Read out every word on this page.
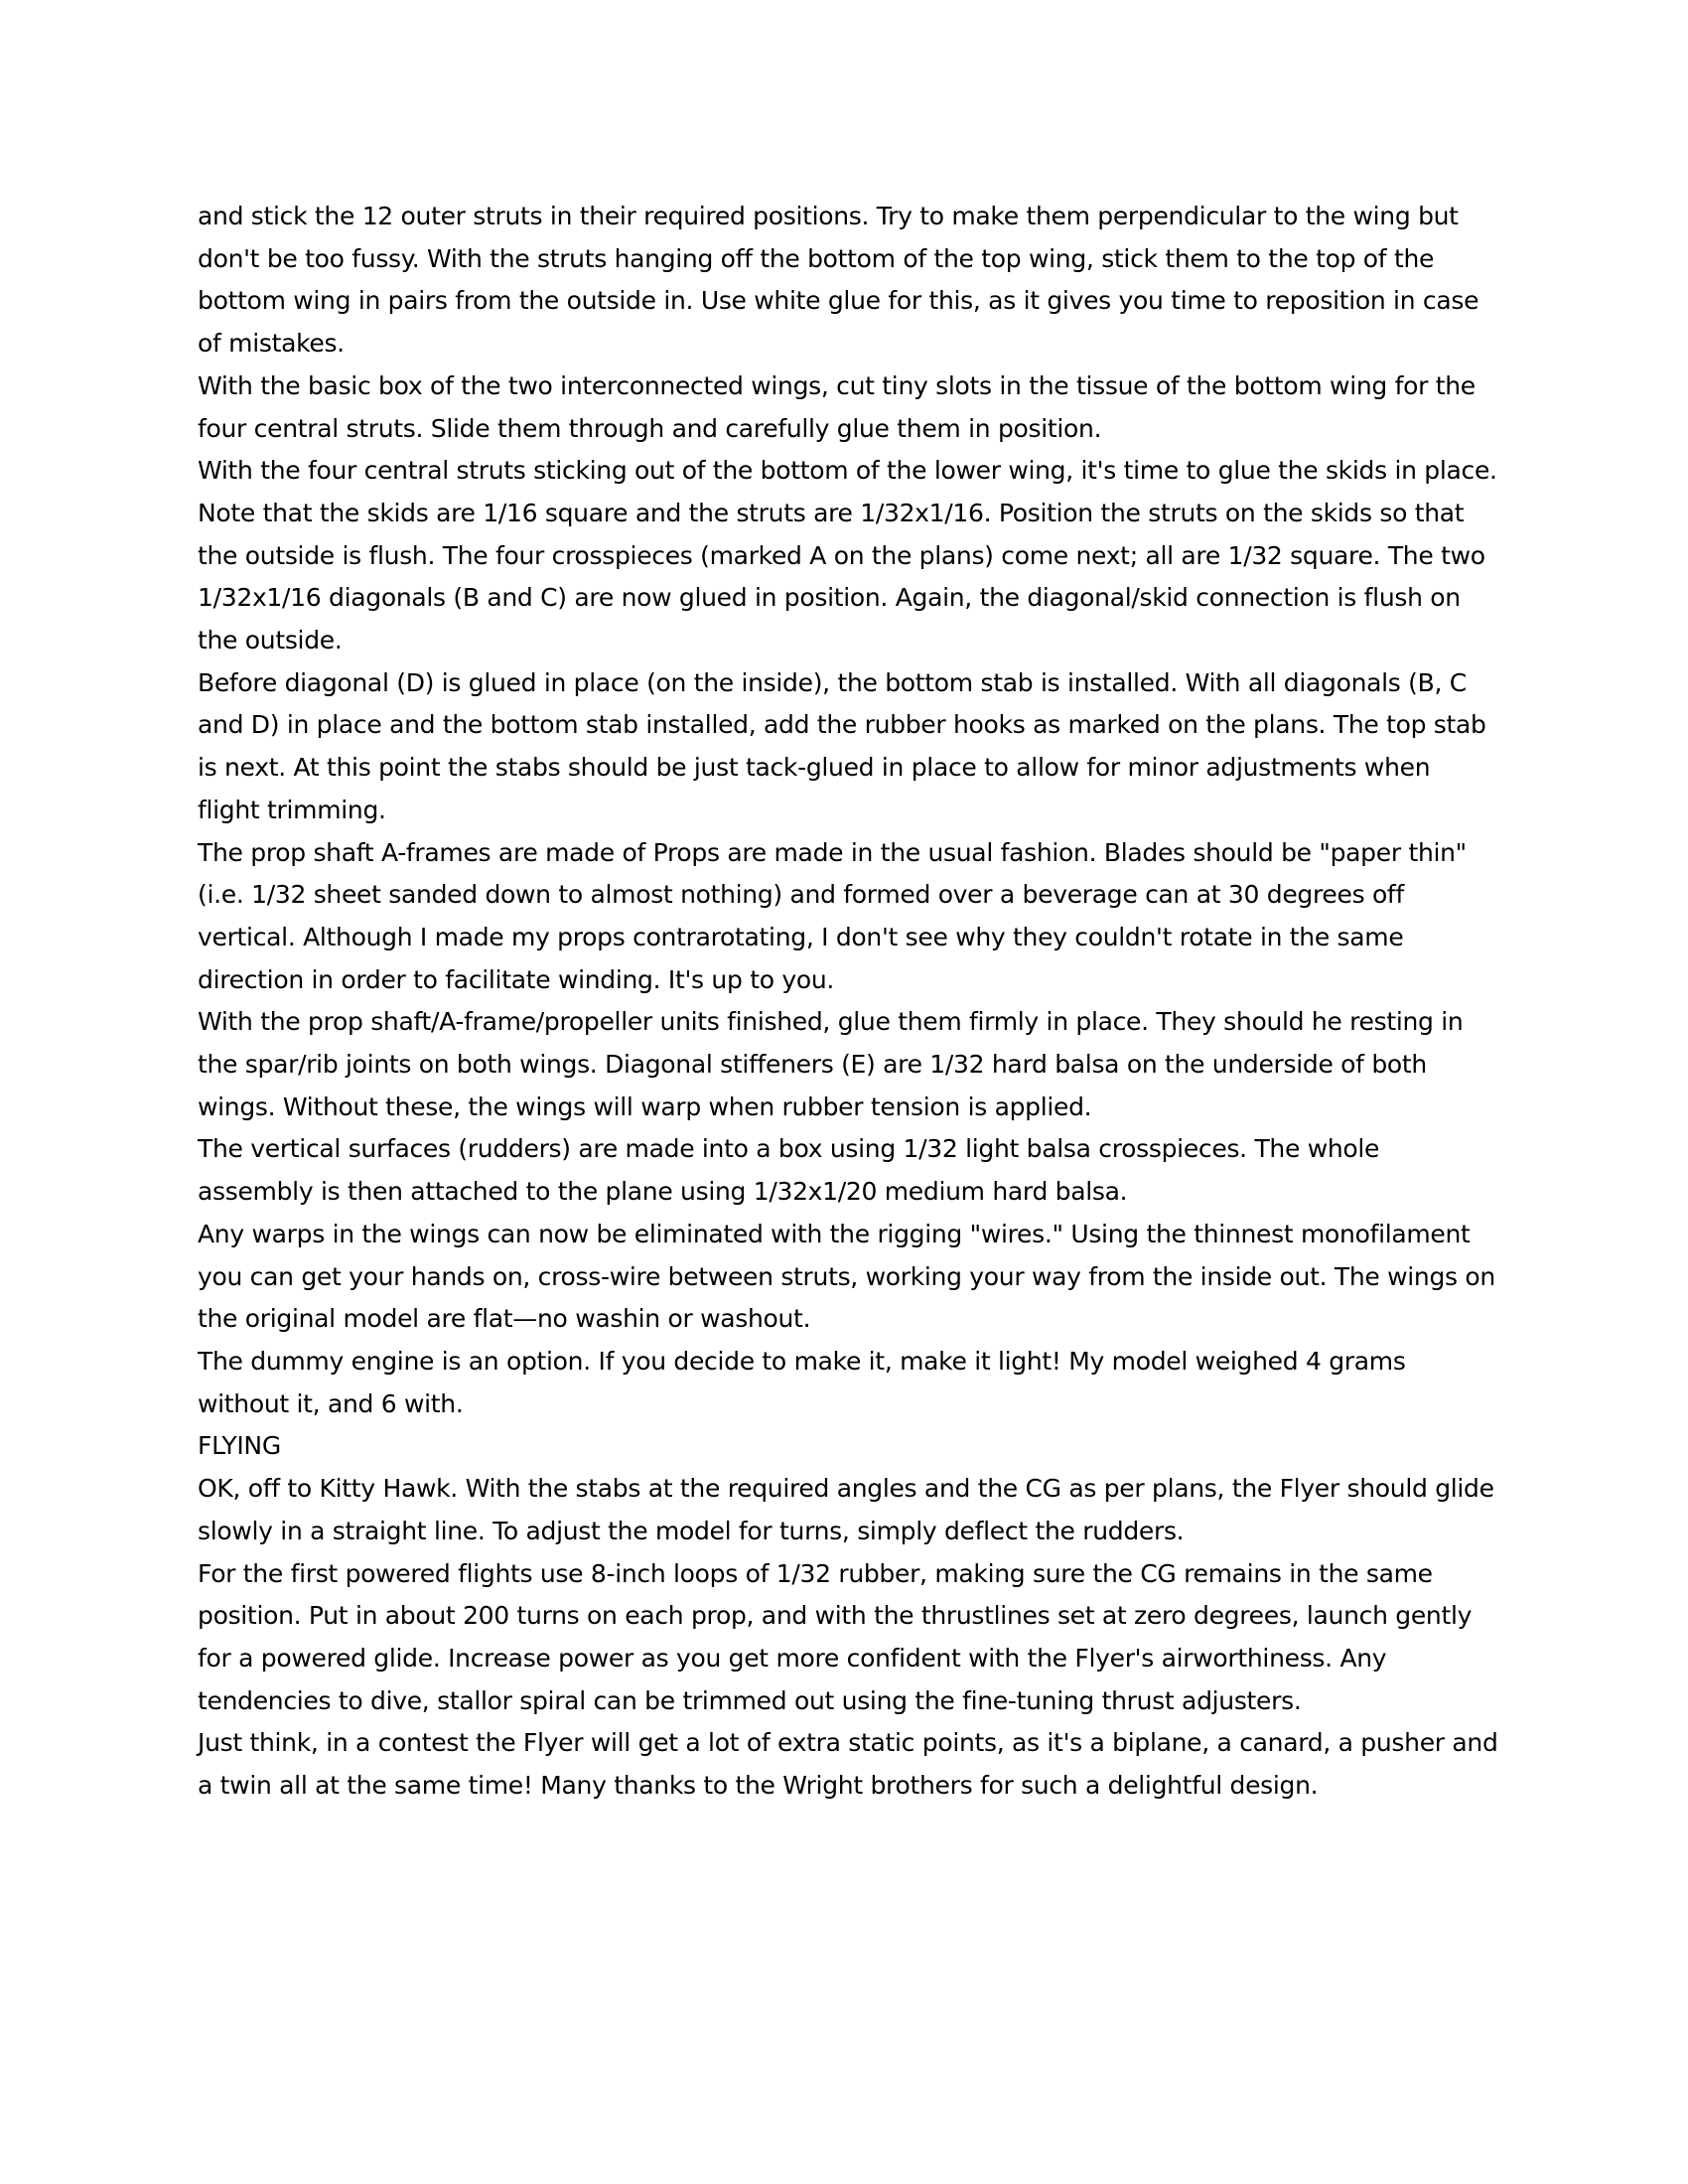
and stick the 12 outer struts in their required positions. Try to make them perpendicular to the wing but don't be too fussy. With the struts hanging off the bottom of the top wing, stick them to the top of the bottom wing in pairs from the outside in. Use white glue for this, as it gives you time to reposition in case of mistakes.

With the basic box of the two interconnected wings, cut tiny slots in the tissue of the bottom wing for the four central struts. Slide them through and carefully glue them in position.

With the four central struts sticking out of the bottom of the lower wing, it's time to glue the skids in place. Note that the skids are 1/16 square and the struts are 1/32x1/16. Position the struts on the skids so that the outside is flush. The four crosspieces (marked A on the plans) come next; all are 1/32 square. The two 1/32x1/16 diagonals (B and C) are now glued in position. Again, the diagonal/skid connection is flush on the outside.

Before diagonal (D) is glued in place (on the inside), the bottom stab is installed. With all diagonals (B, C and D) in place and the bottom stab installed, add the rubber hooks as marked on the plans. The top stab is next. At this point the stabs should be just tack-glued in place to allow for minor adjustments when flight trimming.

The prop shaft A-frames are made of Props are made in the usual fashion. Blades should be "paper thin" (i.e. 1/32 sheet sanded down to almost nothing) and formed over a beverage can at 30 degrees off vertical. Although I made my props contrarotating, I don't see why they couldn't rotate in the same direction in order to facilitate winding. It's up to you.

With the prop shaft/A-frame/propeller units finished, glue them firmly in place. They should he resting in the spar/rib joints on both wings. Diagonal stiffeners (E) are 1/32 hard balsa on the underside of both wings. Without these, the wings will warp when rubber tension is applied.

The vertical surfaces (rudders) are made into a box using 1/32 light balsa crosspieces. The whole assembly is then attached to the plane using 1/32x1/20 medium hard balsa.

Any warps in the wings can now be eliminated with the rigging "wires." Using the thinnest monofilament you can get your hands on, cross-wire between struts, working your way from the inside out. The wings on the original model are flat—no washin or washout.

The dummy engine is an option. If you decide to make it, make it light! My model weighed 4 grams without it, and 6 with.

FLYING

OK, off to Kitty Hawk. With the stabs at the required angles and the CG as per plans, the Flyer should glide slowly in a straight line. To adjust the model for turns, simply deflect the rudders.

For the first powered flights use 8-inch loops of 1/32 rubber, making sure the CG remains in the same position. Put in about 200 turns on each prop, and with the thrustlines set at zero degrees, launch gently for a powered glide. Increase power as you get more confident with the Flyer's airworthiness. Any tendencies to dive, stallor spiral can be trimmed out using the fine-tuning thrust adjusters.

Just think, in a contest the Flyer will get a lot of extra static points, as it's a biplane, a canard, a pusher and a twin all at the same time! Many thanks to the Wright brothers for such a delightful design.
